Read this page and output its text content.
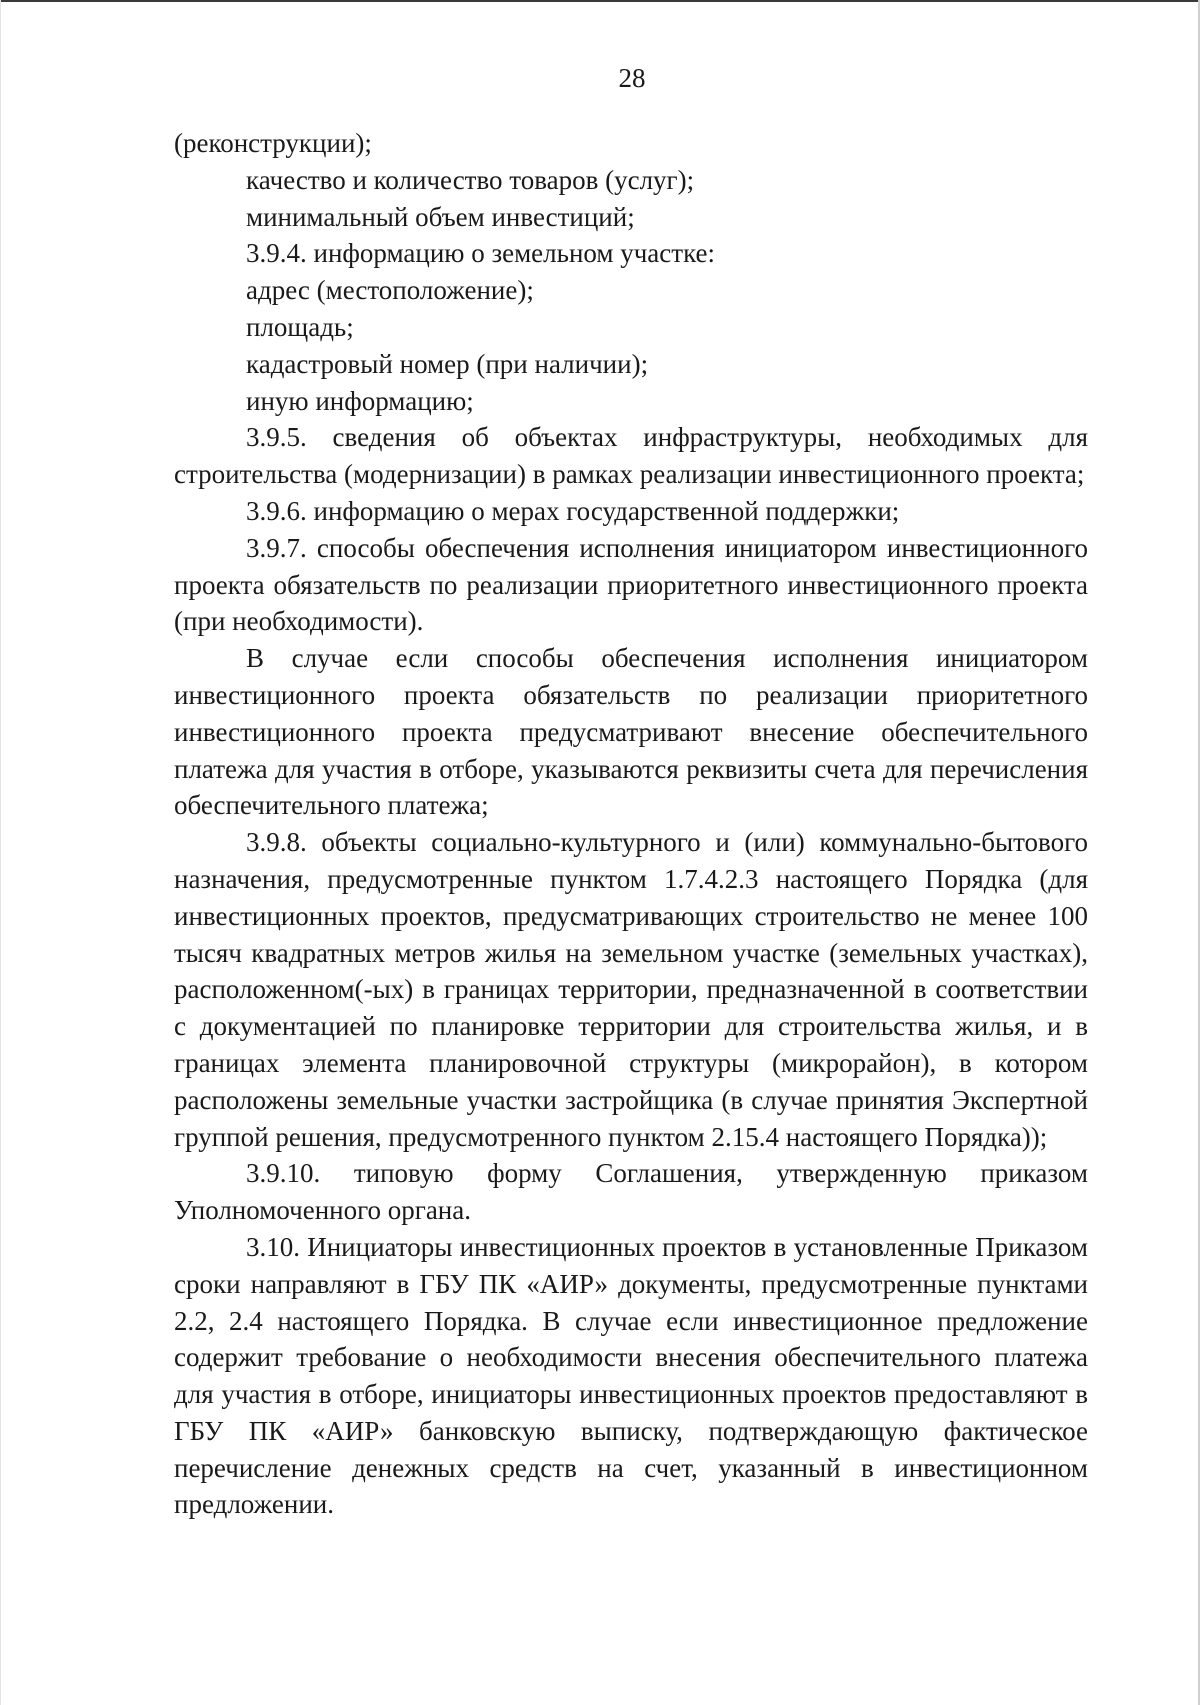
28

(реконструкции);

качество и количество товаров (услуг);

минимальный объем инвестиций;

3.9.4. информацию о земельном участке:

адрес (местоположение);

площадь;

кадастровый номер (при наличии);

иную информацию;

3.9.5. сведения об объектах инфраструктуры, необходимых для строительства (модернизации) в рамках реализации инвестиционного проекта;

3.9.6. информацию о мерах государственной поддержки;

3.9.7. способы обеспечения исполнения инициатором инвестиционного проекта обязательств по реализации приоритетного инвестиционного проекта (при необходимости).

В случае если способы обеспечения исполнения инициатором инвестиционного проекта обязательств по реализации приоритетного инвестиционного проекта предусматривают внесение обеспечительного платежа для участия в отборе, указываются реквизиты счета для перечисления обеспечительного платежа;

3.9.8. объекты социально-культурного и (или) коммунально-бытового назначения, предусмотренные пунктом 1.7.4.2.3 настоящего Порядка (для инвестиционных проектов, предусматривающих строительство не менее 100 тысяч квадратных метров жилья на земельном участке (земельных участках), расположенном(-ых) в границах территории, предназначенной в соответствии с документацией по планировке территории для строительства жилья, и в границах элемента планировочной структуры (микрорайон), в котором расположены земельные участки застройщика (в случае принятия Экспертной группой решения, предусмотренного пунктом 2.15.4 настоящего Порядка));

3.9.10. типовую форму Соглашения, утвержденную приказом Уполномоченного органа.

3.10. Инициаторы инвестиционных проектов в установленные Приказом сроки направляют в ГБУ ПК «АИР» документы, предусмотренные пунктами 2.2, 2.4 настоящего Порядка. В случае если инвестиционное предложение содержит требование о необходимости внесения обеспечительного платежа для участия в отборе, инициаторы инвестиционных проектов предоставляют в ГБУ ПК «АИР» банковскую выписку, подтверждающую фактическое перечисление денежных средств на счет, указанный в инвестиционном предложении.
